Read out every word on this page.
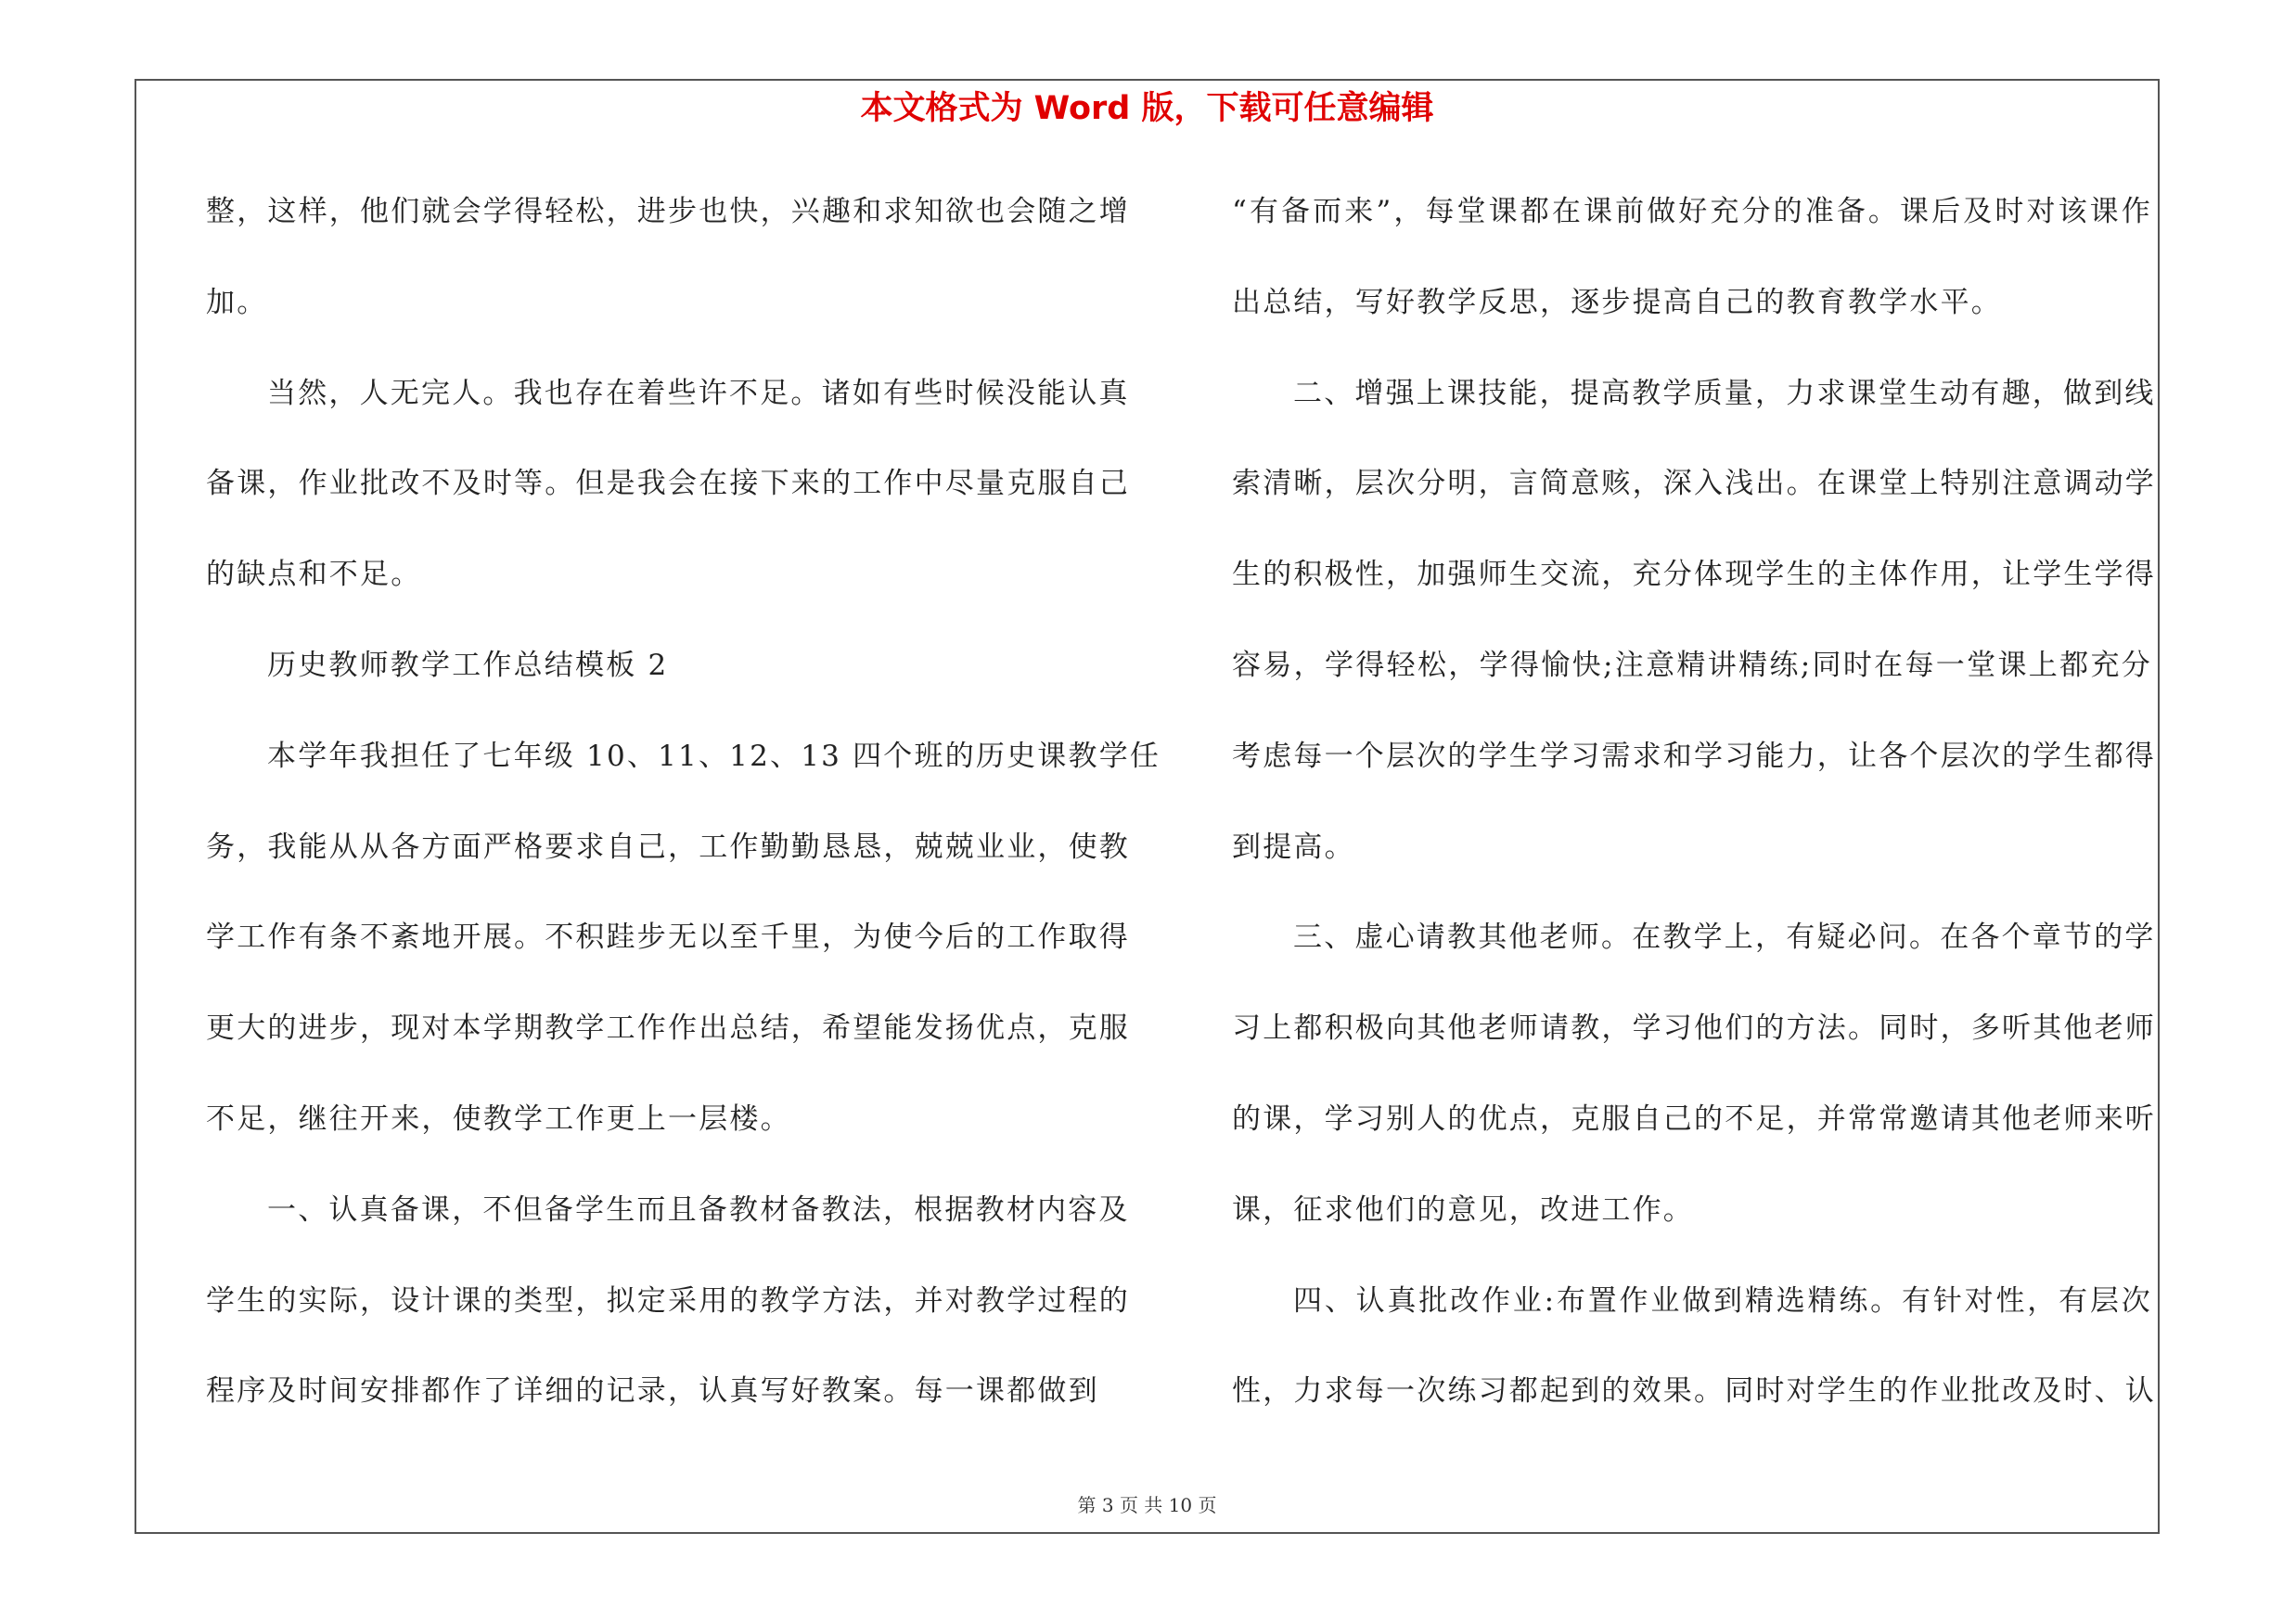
本文格式为 Word 版，下载可任意编辑
整，这样，他们就会学得轻松，进步也快，兴趣和求知欲也会随之增
加。
当然，人无完人。我也存在着些许不足。诸如有些时候没能认真
备课，作业批改不及时等。但是我会在接下来的工作中尽量克服自己
的缺点和不足。
历史教师教学工作总结模板 2
本学年我担任了七年级 10、11、12、13 四个班的历史课教学任
务，我能从从各方面严格要求自己，工作勤勤恳恳，兢兢业业，使教
学工作有条不紊地开展。不积跬步无以至千里，为使今后的工作取得
更大的进步，现对本学期教学工作作出总结，希望能发扬优点，克服
不足，继往开来，使教学工作更上一层楼。
一、认真备课，不但备学生而且备教材备教法，根据教材内容及
学生的实际，设计课的类型，拟定采用的教学方法，并对教学过程的
程序及时间安排都作了详细的记录，认真写好教案。每一课都做到
“有备而来”，每堂课都在课前做好充分的准备。课后及时对该课作
出总结，写好教学反思，逐步提高自己的教育教学水平。
二、增强上课技能，提高教学质量，力求课堂生动有趣，做到线
索清晰，层次分明，言简意赅，深入浅出。在课堂上特别注意调动学
生的积极性，加强师生交流，充分体现学生的主体作用，让学生学得
容易，学得轻松，学得愉快;注意精讲精练;同时在每一堂课上都充分
考虑每一个层次的学生学习需求和学习能力，让各个层次的学生都得
到提高。
三、虚心请教其他老师。在教学上，有疑必问。在各个章节的学
习上都积极向其他老师请教，学习他们的方法。同时，多听其他老师
的课，学习别人的优点，克服自己的不足，并常常邀请其他老师来听
课，征求他们的意见，改进工作。
四、认真批改作业:布置作业做到精选精练。有针对性，有层次
性，力求每一次练习都起到的效果。同时对学生的作业批改及时、认
第 3 页 共 10 页
